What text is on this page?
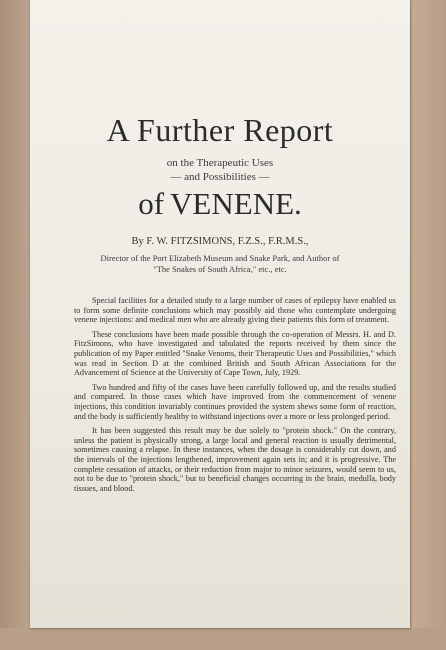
A Further Report
on the Therapeutic Uses
— and Possibilities —
of VENENE.
By F. W. FITZSIMONS, F.Z.S., F.R.M.S.,
Director of the Port Elizabeth Museum and Snake Park, and Author of
"The Snakes of South Africa," etc., etc.

Special facilities for a detailed study to a large number of cases of epilepsy have enabled us to form some definite conclusions which may possibly aid those who contemplate undergoing venene injections: and medical men who are already giving their patients this form of treatment.

These conclusions have been made possible through the co-operation of Messrs. H. and D. FitzSimons, who have investigated and tabulated the reports received by them since the publication of my Paper entitled "Snake Venoms, their Therapeutic Uses and Possibilities," which was read in Section D at the combined British and South African Associations for the Advancement of Science at the University of Cape Town, July, 1929.

Two hundred and fifty of the cases have been carefully followed up, and the results studied and compared. In those cases which have improved from the commencement of venene injections, this condition invariably continues provided the system shews some form of reaction, and the body is sufficiently healthy to withstand injections over a more or less prolonged period.

It has been suggested this result may be due solely to "protein shock." On the contrary, unless the patient is physically strong, a large local and general reaction is usually detrimental, sometimes causing a relapse. In these instances, when the dosage is considerably cut down, and the intervals of the injections lengthened, improvement again sets in; and it is progressive. The complete cessation of attacks, or their reduction from major to minor seizures, would seem to us, not to be due to "protein shock," but to beneficial changes occurring in the brain, medulla, body tissues, and blood.
